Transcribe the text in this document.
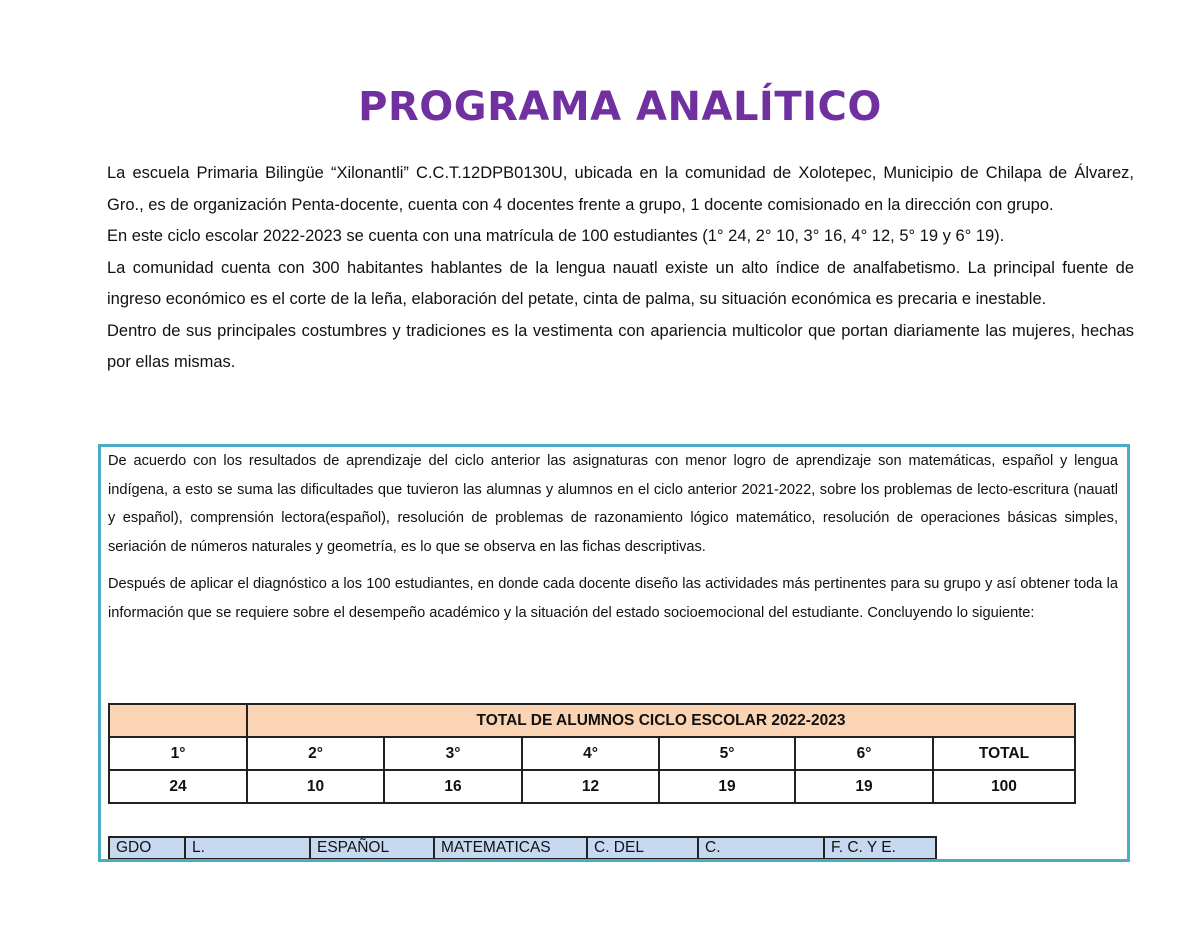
PROGRAMA ANALÍTICO

La escuela Primaria Bilingüe “Xilonantli” C.C.T.12DPB0130U, ubicada en la comunidad de Xolotepec, Municipio de Chilapa de Álvarez, Gro., es de organización Penta-docente, cuenta con 4 docentes frente a grupo, 1 docente comisionado en la dirección con grupo.

En este ciclo escolar 2022-2023 se cuenta con una matrícula de 100 estudiantes (1° 24, 2° 10, 3° 16, 4° 12, 5° 19 y 6° 19).

La comunidad cuenta con 300 habitantes hablantes de la lengua nauatl existe un alto índice de analfabetismo. La principal fuente de ingreso económico es el corte de la leña, elaboración del petate, cinta de palma, su situación económica es precaria e inestable.

Dentro de sus principales costumbres y tradiciones es la vestimenta con apariencia multicolor que portan diariamente las mujeres, hechas por ellas mismas.

De acuerdo con los resultados de aprendizaje del ciclo anterior las asignaturas con menor logro de aprendizaje son matemáticas, español y lengua indígena, a esto se suma las dificultades que tuvieron las alumnas y alumnos en el ciclo anterior 2021-2022, sobre los problemas de lecto-escritura (nauatl y español), comprensión lectora(español), resolución de problemas de razonamiento lógico matemático, resolución de operaciones básicas simples, seriación de números naturales y geometría, es lo que se observa en las fichas descriptivas.

Después de aplicar el diagnóstico a los 100 estudiantes, en donde cada docente diseño las actividades más pertinentes para su grupo y así obtener toda la información que se requiere sobre el desempeño académico y la situación del estado socioemocional del estudiante. Concluyendo lo siguiente:

	TOTAL DE ALUMNOS CICLO ESCOLAR 2022-2023					
1°	2°	3°	4°	5°	6°	TOTAL
24	10	16	12	19	19	100
GDO	L.	ESPAÑOL	MATEMATICAS	C. DEL	C.	F. C. Y E.
